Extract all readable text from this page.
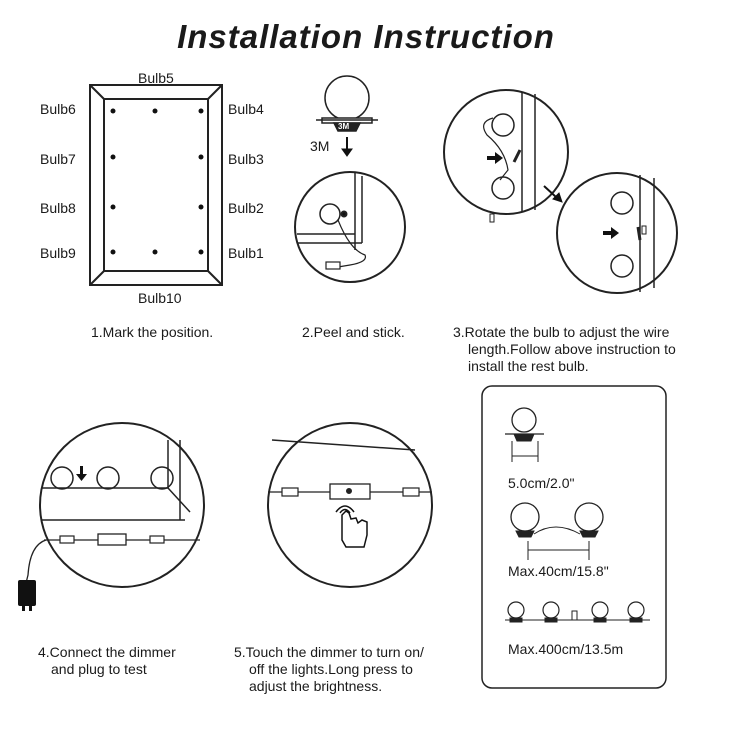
Installation Instruction
Bulb5
Bulb6
Bulb7
Bulb8
Bulb9
Bulb4
Bulb3
Bulb2
Bulb1
Bulb10
3M
3M
1.Mark the position.	2.Peel and stick.	3.Rotate the bulb to adjust the wire
length.Follow above instruction to
install the rest bulb.
4.Connect the dimmer
and plug to test
5.Touch the dimmer to turn on/
off the lights.Long press to
adjust the brightness.
5.0cm/2.0"
Max.40cm/15.8"
Max.400cm/13.5m
